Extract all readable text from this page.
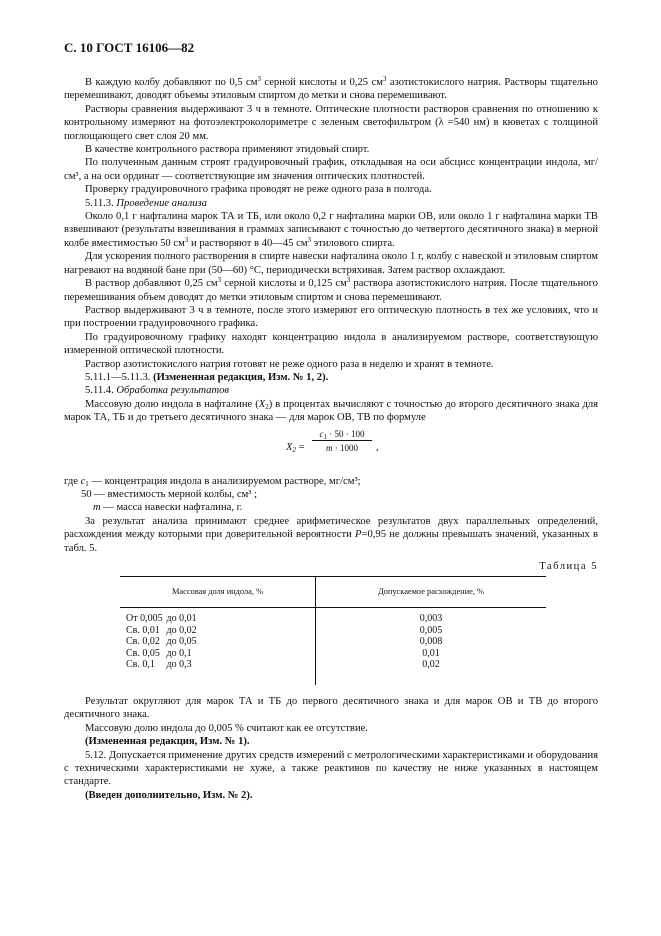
С. 10 ГОСТ 16106—82

В каждую колбу добавляют по 0,5 $см^3$ серной кислоты и 0,25 $см^3$ азотистокислого натрия. Растворы тщательно перемешивают, доводят объемы этиловым спиртом до метки и снова перемешивают.

Растворы сравнения выдерживают 3 ч в темноте. Оптические плотности растворов сравнения по отношению к контрольному измеряют на фотоэлектроколориметре с зеленым светофильтром (λ =540 нм) в кюветах с толщиной поглощающего свет слоя 20 мм.

В качестве контрольного раствора применяют этидовый спирт.

По полученным данным строят градуировочный график, откладывая на оси абсцисс концентрации индола, мг/см³, а на оси ординат — соответствующие им значения оптических плотностей.

Проверку градуировочного графика проводят не реже одного раза в полгода.

5.11.3. Проведение анализа

Около 0,1 г нафталина марок ТА и ТБ, или около 0,2 г нафталина марки ОВ, или около 1 г нафталина марки ТВ взвешивают (результаты взвешивания в граммах записывают с точностью до четвертого десятичного знака) в мерной колбе вместимостью 50 $см^3$ и растворяют в 40—45 $см^3$ этилового спирта.

Для ускорения полного растворения в спирте навески нафталина около 1 г, колбу с навеской и этиловым спиртом нагревают на водяной бане при (50—60) °С, периодически встряхивая. Затем раствор охлаждают.

В раствор добавляют 0,25 $см^3$ серной кислоты и 0,125 $см^3$ раствора азотистокислого натрия. После тщательного перемешивания объем доводят до метки этиловым спиртом и снова перемешивают.

Раствор выдерживают 3 ч в темноте, после этого измеряют его оптическую плотность в тех же условиях, что и при построении градуировочного графика.

По градуировочному графику находят концентрацию индола в анализируемом растворе, соответствующую измеренной оптической плотности.

Раствор азотистокислого натрия готовят не реже одного раза в неделю и хранят в темноте.

5.11.1—5.11.3. (Измененная редакция, Изм. № 1, 2).

5.11.4. Обработка результатов

Массовую долю индола в нафталине $(X_2)$ в процентах вычисляют с точностью до второго десятичного знака для марок ТА, ТБ и до третьего десятичного знака — для марок ОВ, ТВ по формуле

$X_2 = \frac{c_1 \cdot 50 \cdot 100}{m \cdot 1000}$ ,

где $c_1$ — концентрация индола в анализируемом растворе, мг/см³;

50 — вместимость мерной колбы, см³ ;

m — масса навески нафталина, г.

За результат анализа принимают среднее арифметическое результатов двух параллельных определений, расхождения между которыми при доверительной вероятности P=0,95 не должны превышать значений, указанных в табл. 5.

Таблица 5
Массовая доля индола, %	Допускаемое расхождение, %
От 0,005 до 0,01	0,003
Св. 0,01 до 0,02	0,005
Св. 0,02 до 0,05	0,008
Св. 0,05 до 0,1	0,01
Св. 0,1 до 0,3	0,02

Результат округляют для марок ТА и ТБ до первого десятичного знака и для марок ОВ и ТВ до второго десятичного знака.

Массовую долю индола до 0,005 % считают как ее отсутствие.

(Измененная редакция, Изм. № 1).

5.12. Допускается применение других средств измерений с метрологическими характеристиками и оборудования с техническими характеристиками не хуже, а также реактивов по качеству не ниже указанных в настоящем стандарте.

(Введен дополнительно, Изм. № 2).
